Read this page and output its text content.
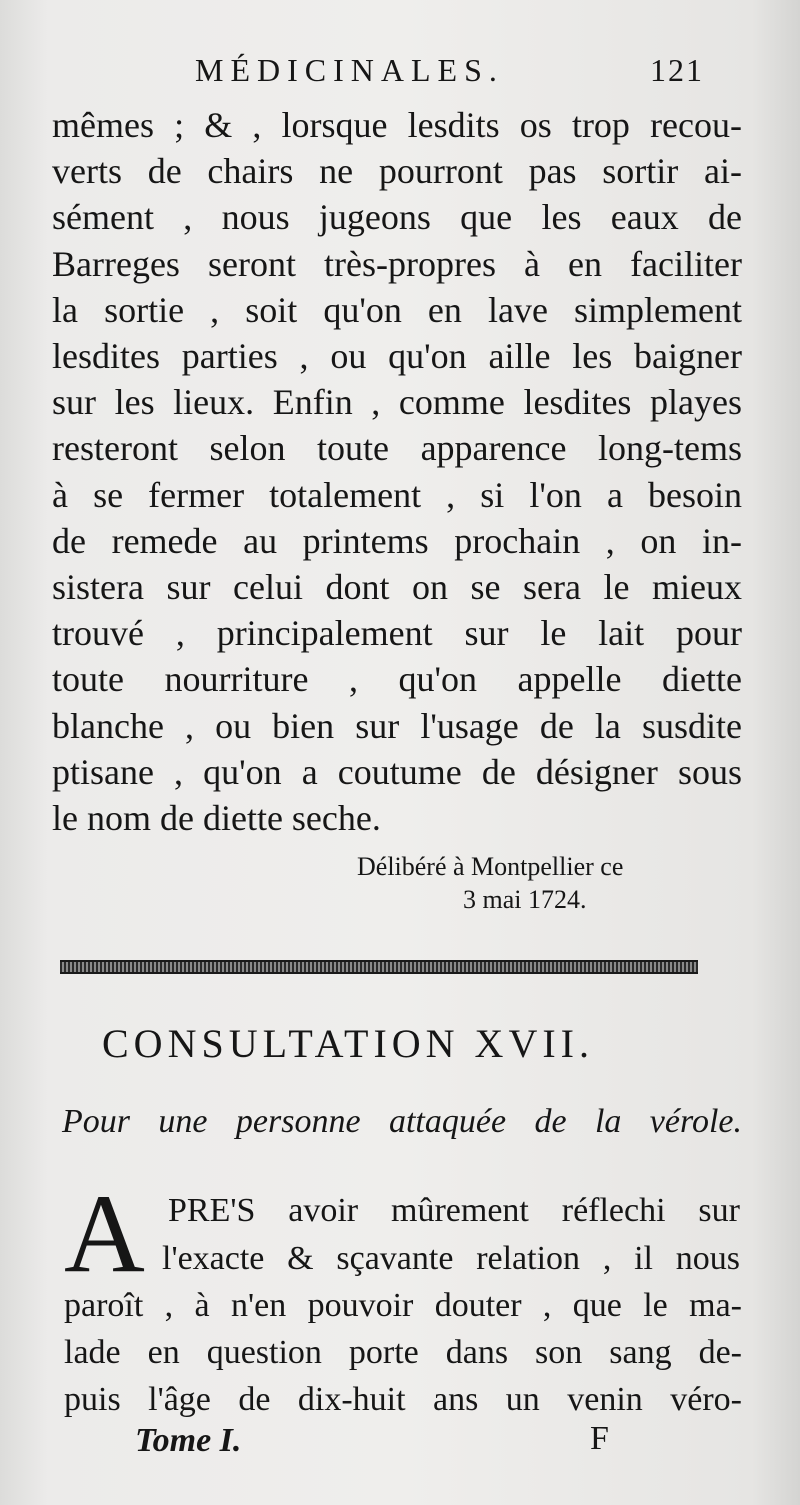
MÉDICINALES.	121
mêmes ; & , lorsque lesdits os trop recou-
verts de chairs ne pourront pas sortir ai-
sément , nous jugeons que les eaux de
Barreges seront très-propres à en faciliter
la sortie , soit qu'on en lave simplement
lesdites parties , ou qu'on aille les baigner
sur les lieux. Enfin , comme lesdites playes
resteront selon toute apparence long-tems
à se fermer totalement , si l'on a besoin
de remede au printems prochain , on in-
sistera sur celui dont on se sera le mieux
trouvé , principalement sur le lait pour
toute nourriture , qu'on appelle diette
blanche , ou bien sur l'usage de la susdite
ptisane , qu'on a coutume de désigner sous
le nom de diette seche.
Délibéré à Montpellier ce
3 mai 1724.
CONSULTATION XVII.
Pour une personne attaquée de la vérole.
A PRE'S avoir mûrement réflechi sur
l'exacte & sçavante relation , il nous
paroît , à n'en pouvoir douter , que le ma-
lade en question porte dans son sang de-
puis l'âge de dix-huit ans un venin véro-
Tome I.	F
